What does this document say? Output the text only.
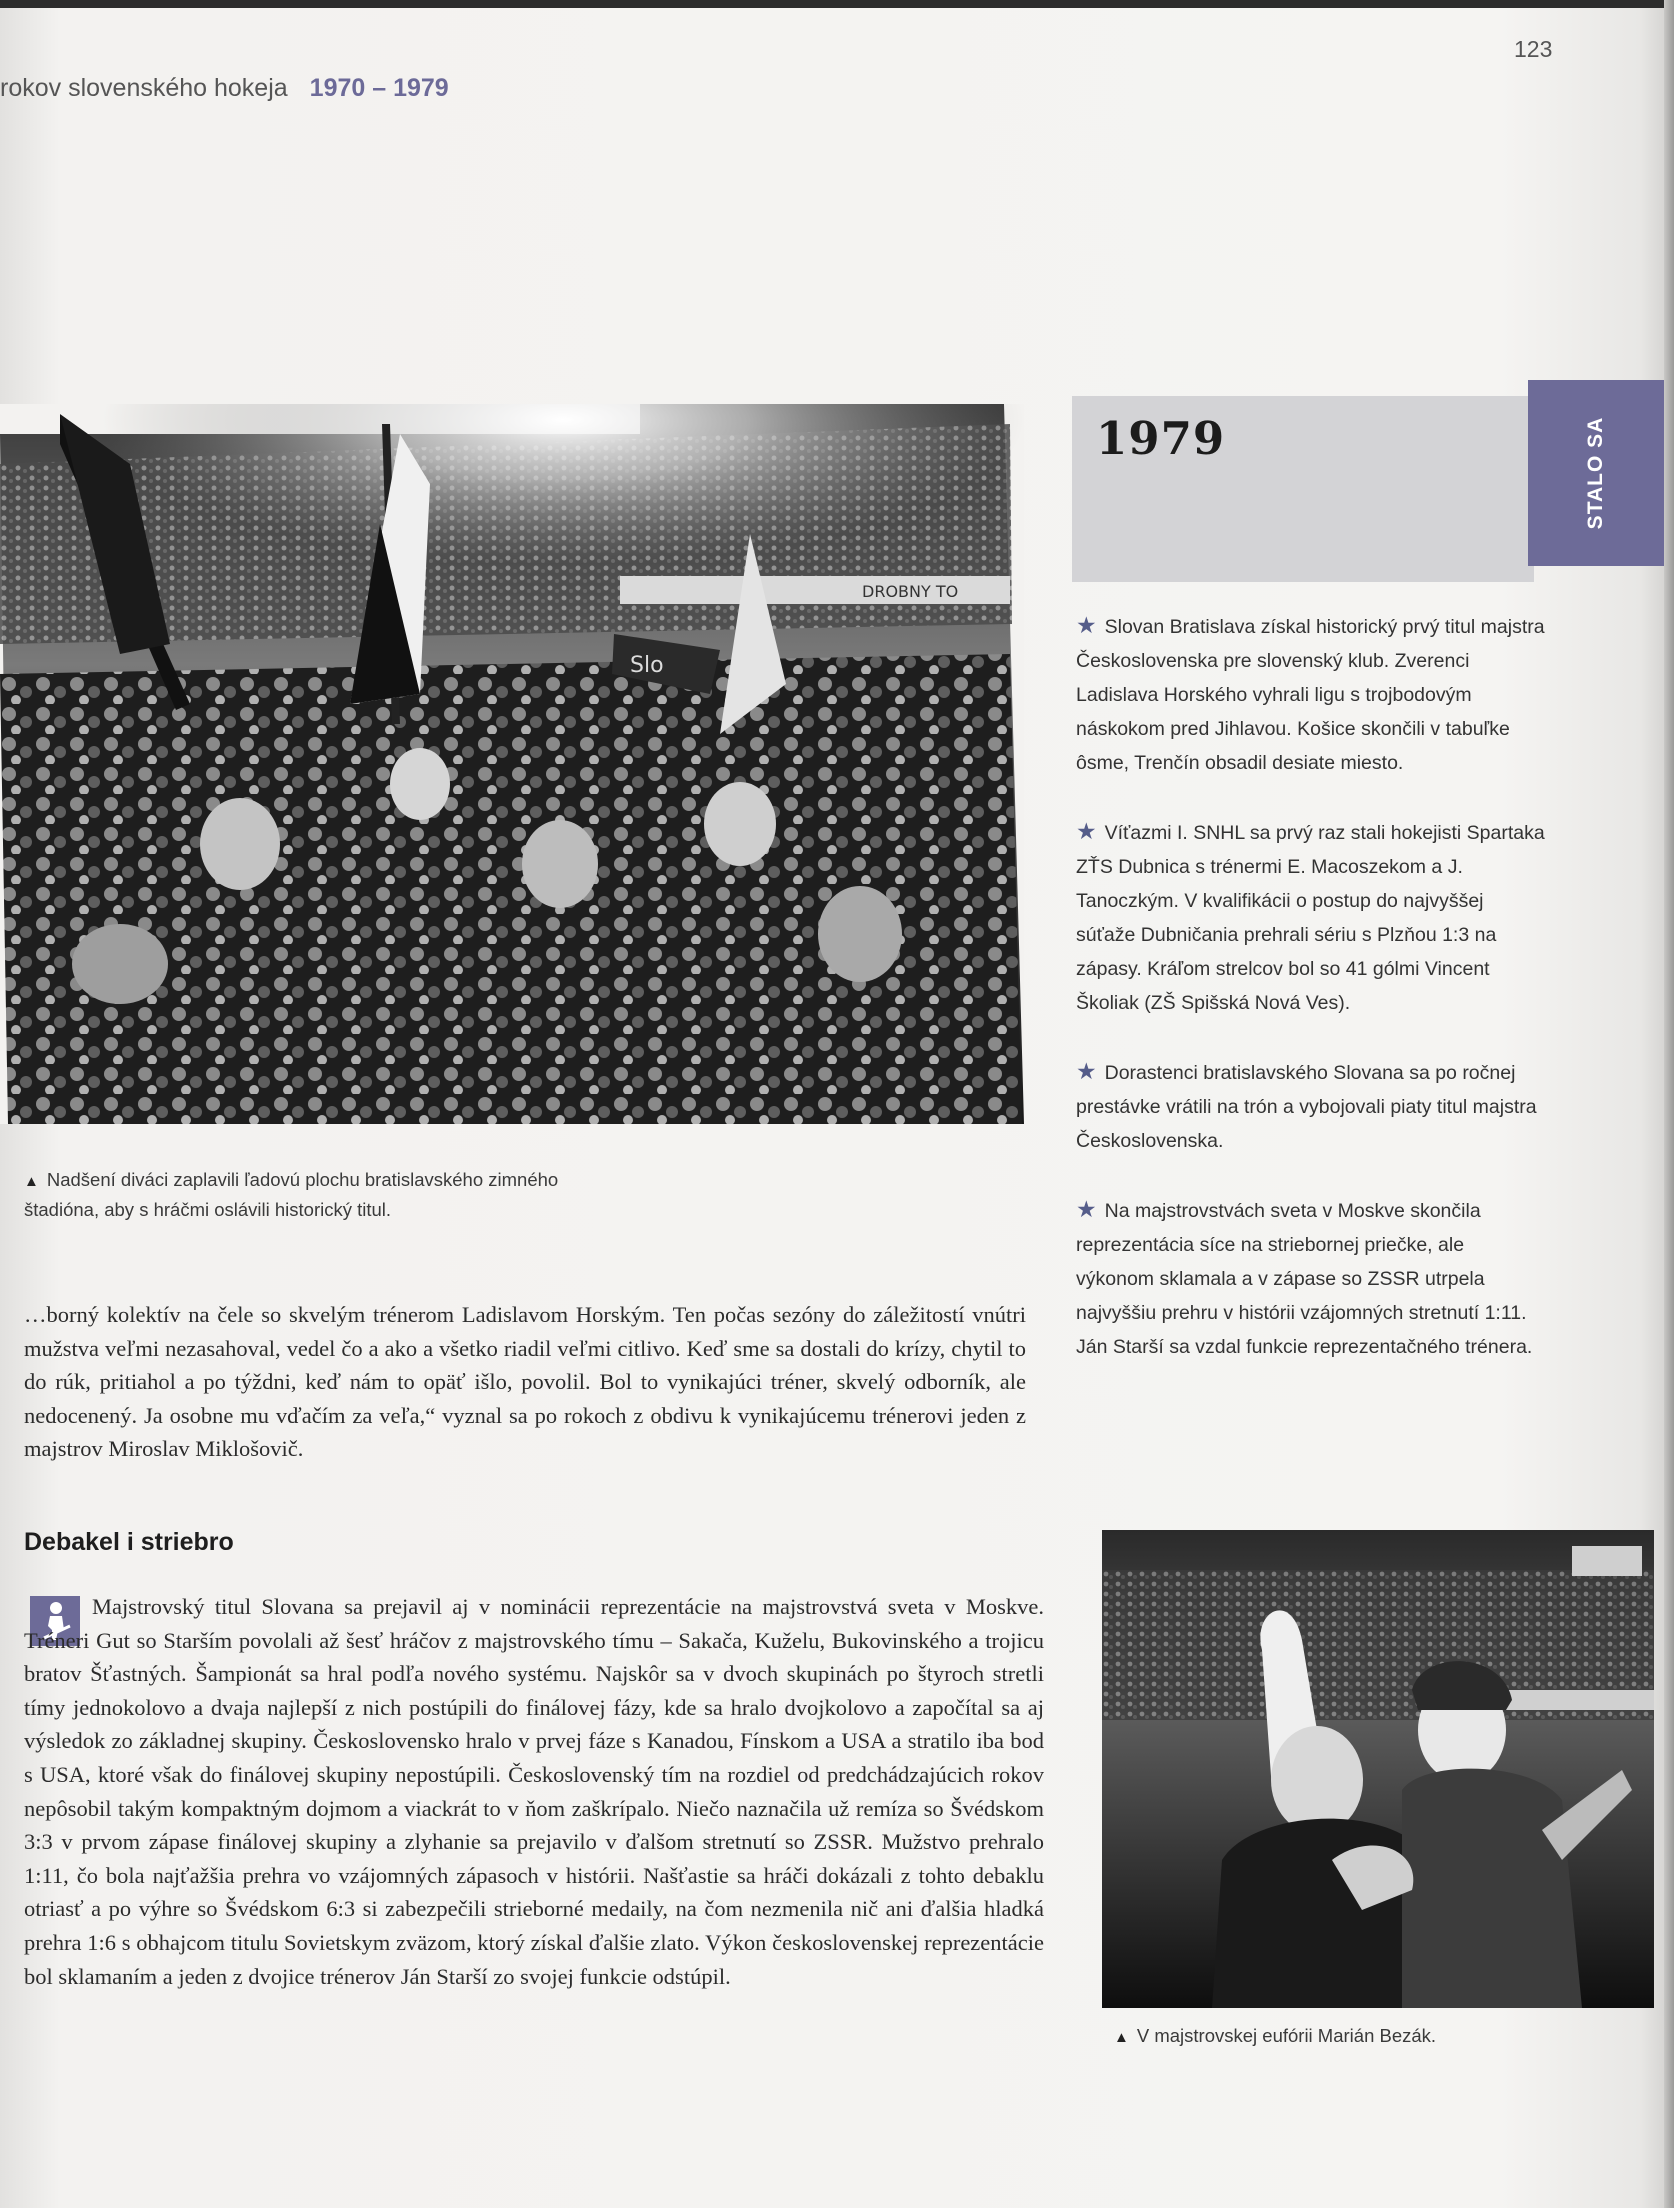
rokov slovenského hokeja 1970 – 1979
123
DROBNY TO
Slo
▲ Nadšení diváci zaplavili ľadovú plochu bratislavského zimného štadióna, aby s hráčmi oslávili historický titul.
1979	STALO SA

★ Slovan Bratislava získal historický prvý titul majstra Československa pre slovenský klub. Zverenci Ladislava Horského vyhrali ligu s trojbodovým náskokom pred Jihlavou. Košice skončili v tabuľke ôsme, Trenčín obsadil desiate miesto.

★ Víťazmi I. SNHL sa prvý raz stali hokejisti Spartaka ZŤS Dubnica s trénermi E. Macoszekom a J. Tanoczkým. V kvalifikácii o postup do najvyššej súťaže Dubničania prehrali sériu s Plzňou 1:3 na zápasy. Kráľom strelcov bol so 41 gólmi Vincent Školiak (ZŠ Spišská Nová Ves).

★ Dorastenci bratislavského Slovana sa po ročnej prestávke vrátili na trón a vybojovali piaty titul majstra Československa.

★ Na majstrovstvách sveta v Moskve skončila reprezentácia síce na striebornej priečke, ale výkonom sklamala a v zápase so ZSSR utrpela najvyššiu prehru v histórii vzájomných stretnutí 1:11. Ján Starší sa vzdal funkcie reprezentačného trénera.

…borný kolektív na čele so skvelým trénerom Ladislavom Horským. Ten počas sezóny do záležitostí vnútri mužstva veľmi nezasahoval, vedel čo a ako a všetko riadil veľmi citlivo. Keď sme sa dostali do krízy, chytil to do rúk, pritiahol a po týždni, keď nám to opäť išlo, povolil. Bol to vynikajúci tréner, skvelý odborník, ale nedocenený. Ja osobne mu vďačím za veľa,“ vyznal sa po rokoch z obdivu k vynikajúcemu trénerovi jeden z majstrov Miroslav Miklošovič.

Debakel i striebro

Majstrovský titul Slovana sa prejavil aj v nominácii reprezentácie na majstrovstvá sveta v Moskve. Tréneri Gut so Starším povolali až šesť hráčov z majstrovského tímu – Sakača, Kuželu, Bukovinského a trojicu bratov Šťastných. Šampionát sa hral podľa nového systému. Najskôr sa v dvoch skupinách po štyroch stretli tímy jednokolovo a dvaja najlepší z nich postúpili do finálovej fázy, kde sa hralo dvojkolovo a započítal sa aj výsledok zo základnej skupiny. Československo hralo v prvej fáze s Kanadou, Fínskom a USA a stratilo iba bod s USA, ktoré však do finálovej skupiny nepostúpili. Československý tím na rozdiel od predchádzajúcich rokov nepôsobil takým kompaktným dojmom a viackrát to v ňom zaškrípalo. Niečo naznačila už remíza so Švédskom 3:3 v prvom zápase finálovej skupiny a zlyhanie sa prejavilo v ďalšom stretnutí so ZSSR. Mužstvo prehralo 1:11, čo bola najťažšia prehra vo vzájomných zápasoch v histórii. Našťastie sa hráči dokázali z tohto debaklu otriasť a po výhre so Švédskom 6:3 si zabezpečili strieborné medaily, na čom nezmenila nič ani ďalšia hladká prehra 1:6 s obhajcom titulu Sovietskym zväzom, ktorý získal ďalšie zlato. Výkon československej reprezentácie bol sklamaním a jeden z dvojice trénerov Ján Starší zo svojej funkcie odstúpil.

▲ V majstrovskej eufórii Marián Bezák.
